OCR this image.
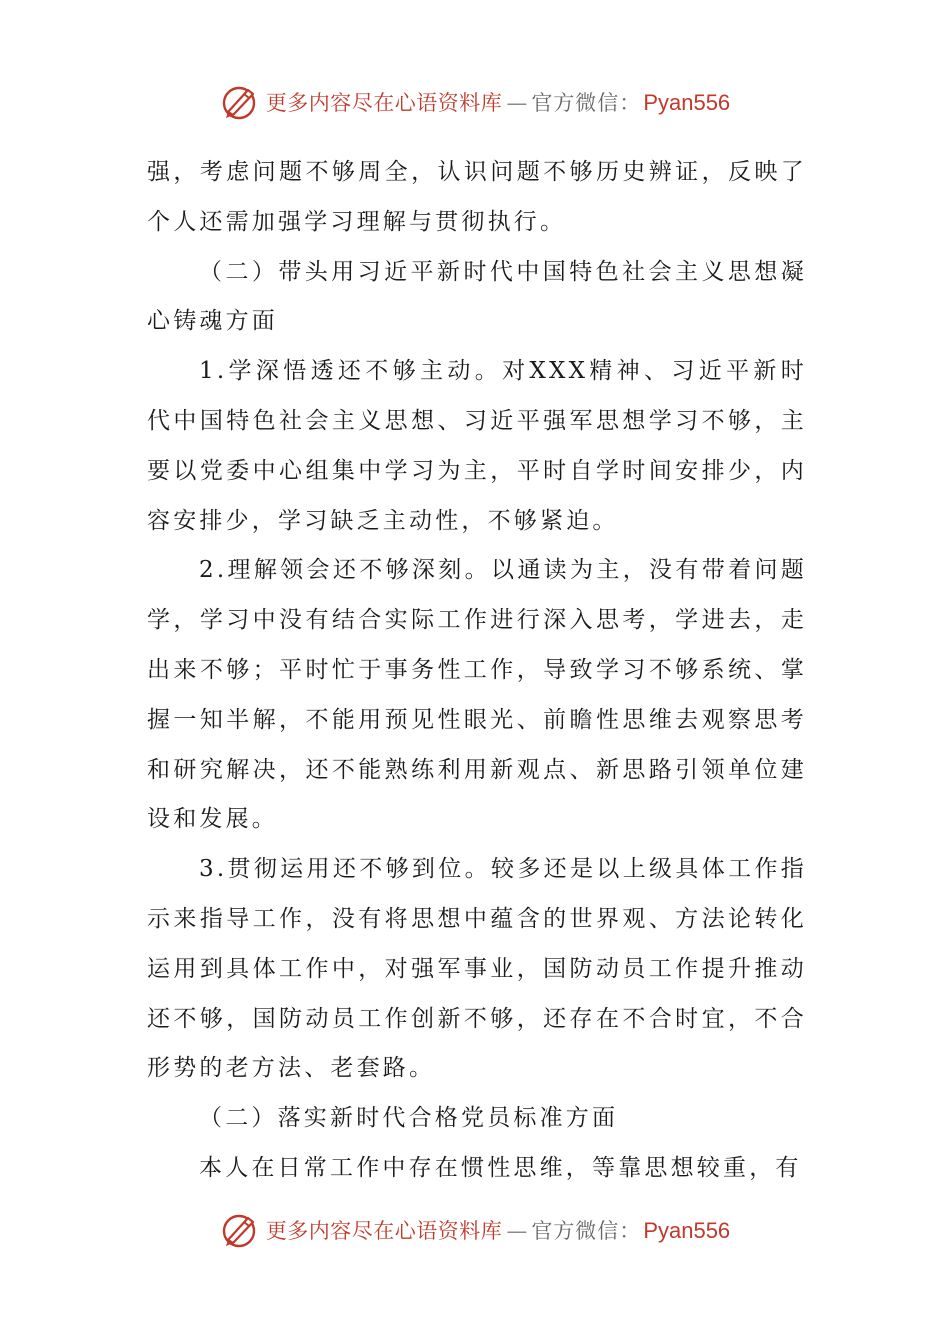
更多内容尽在心语资料库 — 官方微信： Pyan556

强，考虑问题不够周全，认识问题不够历史辨证，反映了个人还需加强学习理解与贯彻执行。

（二）带头用习近平新时代中国特色社会主义思想凝心铸魂方面

1.学深悟透还不够主动。对XXX精神、习近平新时代中国特色社会主义思想、习近平强军思想学习不够，主要以党委中心组集中学习为主，平时自学时间安排少，内容安排少，学习缺乏主动性，不够紧迫。

2.理解领会还不够深刻。以通读为主，没有带着问题学，学习中没有结合实际工作进行深入思考，学进去，走出来不够；平时忙于事务性工作，导致学习不够系统、掌握一知半解，不能用预见性眼光、前瞻性思维去观察思考和研究解决，还不能熟练利用新观点、新思路引领单位建设和发展。

3.贯彻运用还不够到位。较多还是以上级具体工作指示来指导工作，没有将思想中蕴含的世界观、方法论转化运用到具体工作中，对强军事业，国防动员工作提升推动还不够，国防动员工作创新不够，还存在不合时宜，不合形势的老方法、老套路。

（二）落实新时代合格党员标准方面

本人在日常工作中存在惯性思维，等靠思想较重，有

更多内容尽在心语资料库 — 官方微信： Pyan556
